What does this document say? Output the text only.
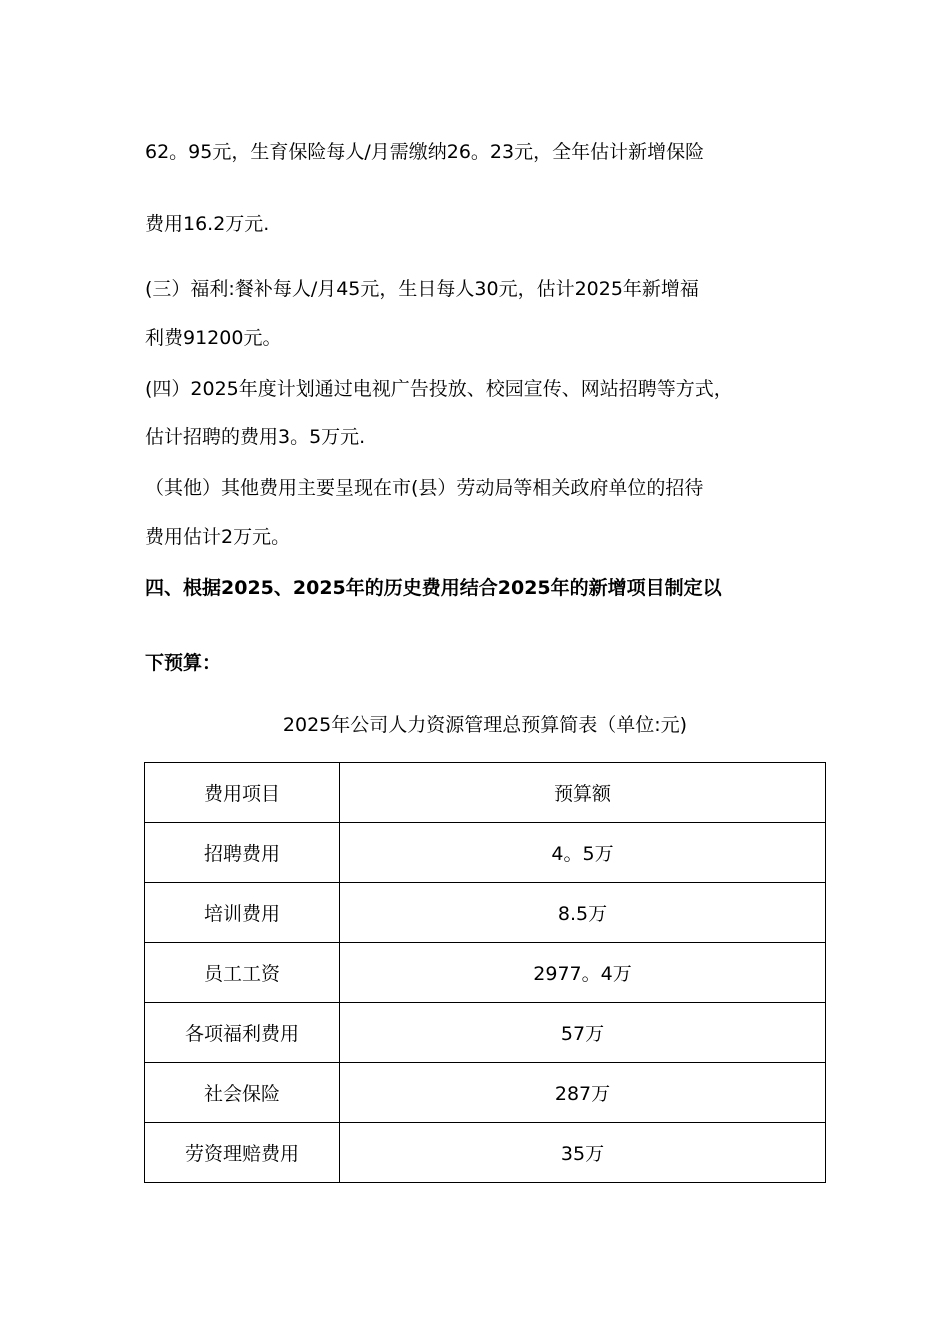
62。95元，生育保险每人/月需缴纳26。23元，全年估计新增保险
费用16.2万元.
(三）福利:餐补每人/月45元，生日每人30元，估计2025年新增福
利费91200元。
(四）2025年度计划通过电视广告投放、校园宣传、网站招聘等方式，
估计招聘的费用3。5万元.
（其他）其他费用主要呈现在市(县）劳动局等相关政府单位的招待
费用估计2万元。
四、根据2025、2025年的历史费用结合2025年的新增项目制定以
下预算：
2025年公司人力资源管理总预算简表（单位:元)
费用项目	预算额
招聘费用	4。5万
培训费用	8.5万
员工工资	2977。4万
各项福利费用	57万
社会保险	287万
劳资理赔费用	35万
